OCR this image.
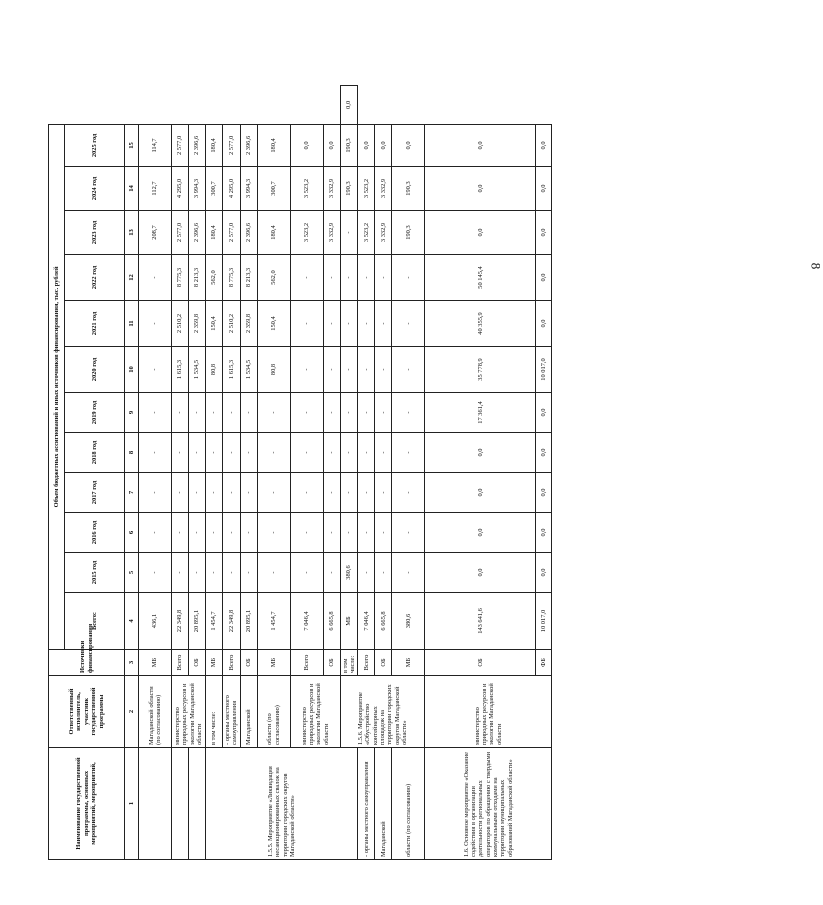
8
Наименование государственной программы, основных мероприятий, мероприятий,	Ответственный исполнитель, участник государственной программы	Источники финансирования	Объем бюджетных ассигнований и иных источников финансирования, тыс. рублей												
			Всего:	2015 год	2016 год	2017 год	2018 год	2019 год	2020 год	2021 год	2022 год	2023 год	2024 год	2025 год	
1	2	3	4	5	6	7	8	9	10	11	12	13	14	15	
	Магаданской области (по согласованию)	МБ	436,1	-	-	-	-	-	-	-	-	208,7	112,7	114,7	
	министерство природных ресурсов и экологии Магаданской области	Всего	22 349,8	-	-	-	-	-	1 615,3	2 510,2	8 775,3	2 577,0	4 295,0	2 577,0	
		ОБ	20 895,1	-	-	-	-	-	1 534,5	2 359,8	8 213,3	2 396,6	3 994,3	2 396,6	
1.5.5. Мероприятие «Ликвидация несанкционированных свалок на территории городских округов Магаданской области»	в том числе:	МБ	1 454,7	-	-	-	-	-	80,8	150,4	562,0	180,4	300,7	180,4	
	- органы местного самоуправления	Всего	22 349,8	-	-	-	-	-	1 615,3	2 510,2	8 775,3	2 577,0	4 295,0	2 577,0	
	Магаданской	ОБ	20 895,1	-	-	-	-	-	1 534,5	2 359,8	8 213,3	2 396,6	3 994,3	2 396,6	
	области (по согласованию)	МБ	1 454,7	-	-	-	-	-	80,8	150,4	562,0	180,4	300,7	180,4	
	министерство природных ресурсов и экологии Магаданской области	Всего	7 046,4	-	-	-	-	-	-	-	-	3 523,2	3 523,2	0,0	
		ОБ	6 665,8	-	-	-	-	-	-	-	-	3 332,9	3 332,9	0,0	
	1.5.6. Мероприятие «Обустройство контейнерных площадок на территории городских округов Магаданской области»	в том числе:	МБ	380,6	-	-	-	-	-	-	-	-	190,3	190,3	0,0
- органы местного самоуправления		Всего	7 046,4	-	-	-	-	-	-	-	-	3 523,2	3 523,2	0,0	
Магаданской		ОБ	6 665,8	-	-	-	-	-	-	-	-	3 332,9	3 332,9	0,0	
области (по согласованию)		МБ	380,6	-	-	-	-	-	-	-	-	190,3	190,3	0,0	
1.6. Основное мероприятие «Оказание содействия в организации деятельности региональных операторов по обращению с твердыми коммунальными отходами на территории муниципальных образований Магаданской области»	министерство природных ресурсов и экологии Магаданской области	ОБ	143 641,6	0,0	0,0	0,0	0,0	17 361,4	35 778,9	40 355,9	50 145,4	0,0	0,0	0,0	
		ФБ	10 017,0	0,0	0,0	0,0	0,0	0,0	10 017,0	0,0	0,0	0,0	0,0	0,0	
